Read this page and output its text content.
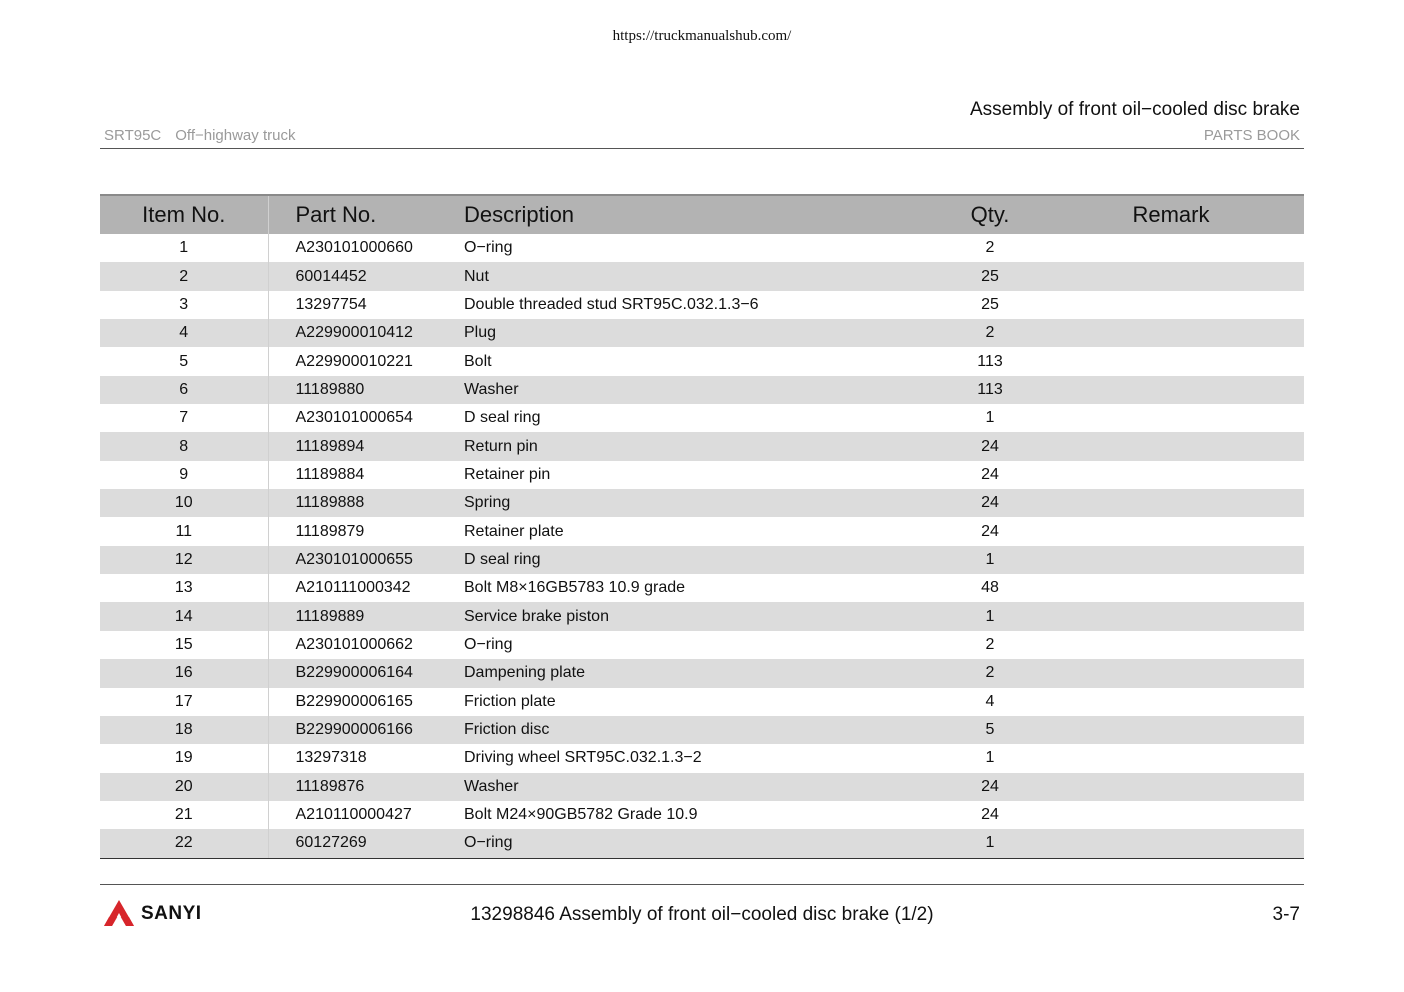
https://truckmanualshub.com/
Assembly of front oil−cooled disc brake
SRT95C Off−highway truck	PARTS BOOK
Item No.	Part No.	Description	Qty.	Remark
1	A230101000660	O−ring	2	
2	60014452	Nut	25	
3	13297754	Double threaded stud SRT95C.032.1.3−6	25	
4	A229900010412	Plug	2	
5	A229900010221	Bolt	113	
6	11189880	Washer	113	
7	A230101000654	D seal ring	1	
8	11189894	Return pin	24	
9	11189884	Retainer pin	24	
10	11189888	Spring	24	
11	11189879	Retainer plate	24	
12	A230101000655	D seal ring	1	
13	A210111000342	Bolt M8×16GB5783 10.9 grade	48	
14	11189889	Service brake piston	1	
15	A230101000662	O−ring	2	
16	B229900006164	Dampening plate	2	
17	B229900006165	Friction plate	4	
18	B229900006166	Friction disc	5	
19	13297318	Driving wheel SRT95C.032.1.3−2	1	
20	11189876	Washer	24	
21	A210110000427	Bolt M24×90GB5782 Grade 10.9	24	
22	60127269	O−ring	1	
SANYI	13298846 Assembly of front oil−cooled disc brake (1/2)	3-7
